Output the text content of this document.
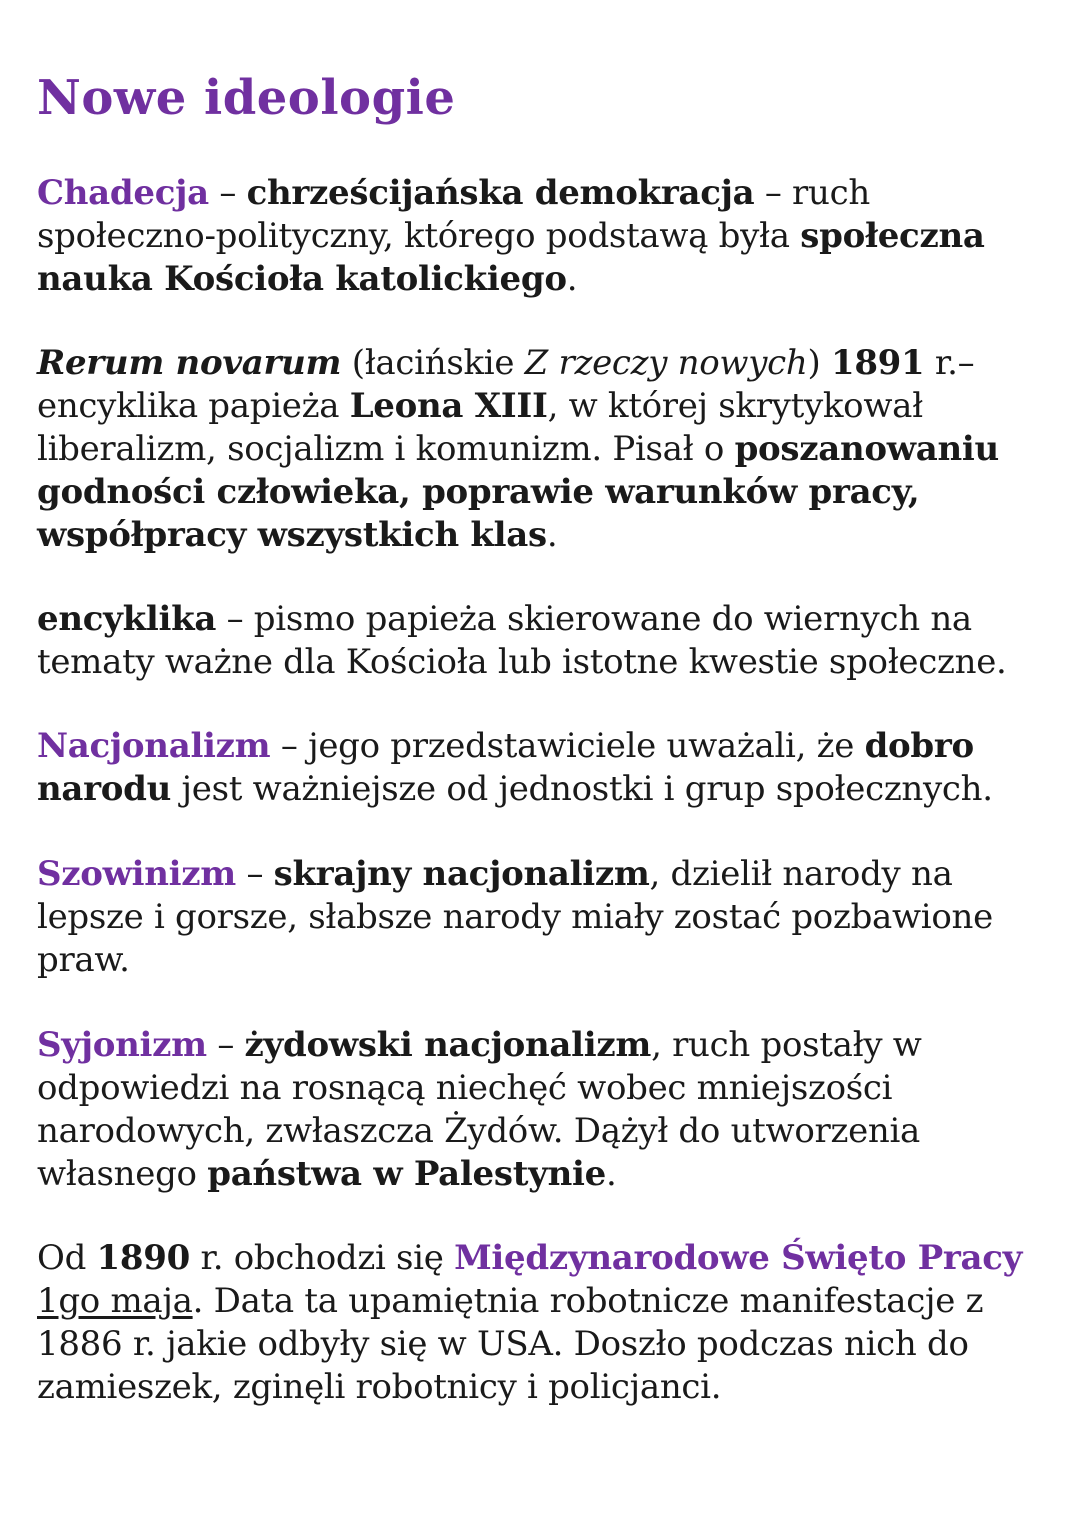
Nowe ideologie

Chadecja – chrześcijańska demokracja – ruch społeczno-polityczny, którego podstawą była społeczna nauka Kościoła katolickiego.

Rerum novarum (łacińskie Z rzeczy nowych) 1891 r.– encyklika papieża Leona XIII, w której skrytykował liberalizm, socjalizm i komunizm. Pisał o poszanowaniu godności człowieka, poprawie warunków pracy, współpracy wszystkich klas.

encyklika – pismo papieża skierowane do wiernych na tematy ważne dla Kościoła lub istotne kwestie społeczne.

Nacjonalizm – jego przedstawiciele uważali, że dobro narodu jest ważniejsze od jednostki i grup społecznych.

Szowinizm – skrajny nacjonalizm, dzielił narody na lepsze i gorsze, słabsze narody miały zostać pozbawione praw.

Syjonizm – żydowski nacjonalizm, ruch postały w odpowiedzi na rosnącą niechęć wobec mniejszości narodowych, zwłaszcza Żydów. Dążył do utworzenia własnego państwa w Palestynie.

Od 1890 r. obchodzi się Międzynarodowe Święto Pracy 1go maja. Data ta upamiętnia robotnicze manifestacje z 1886 r. jakie odbyły się w USA. Doszło podczas nich do zamieszek, zginęli robotnicy i policjanci.
